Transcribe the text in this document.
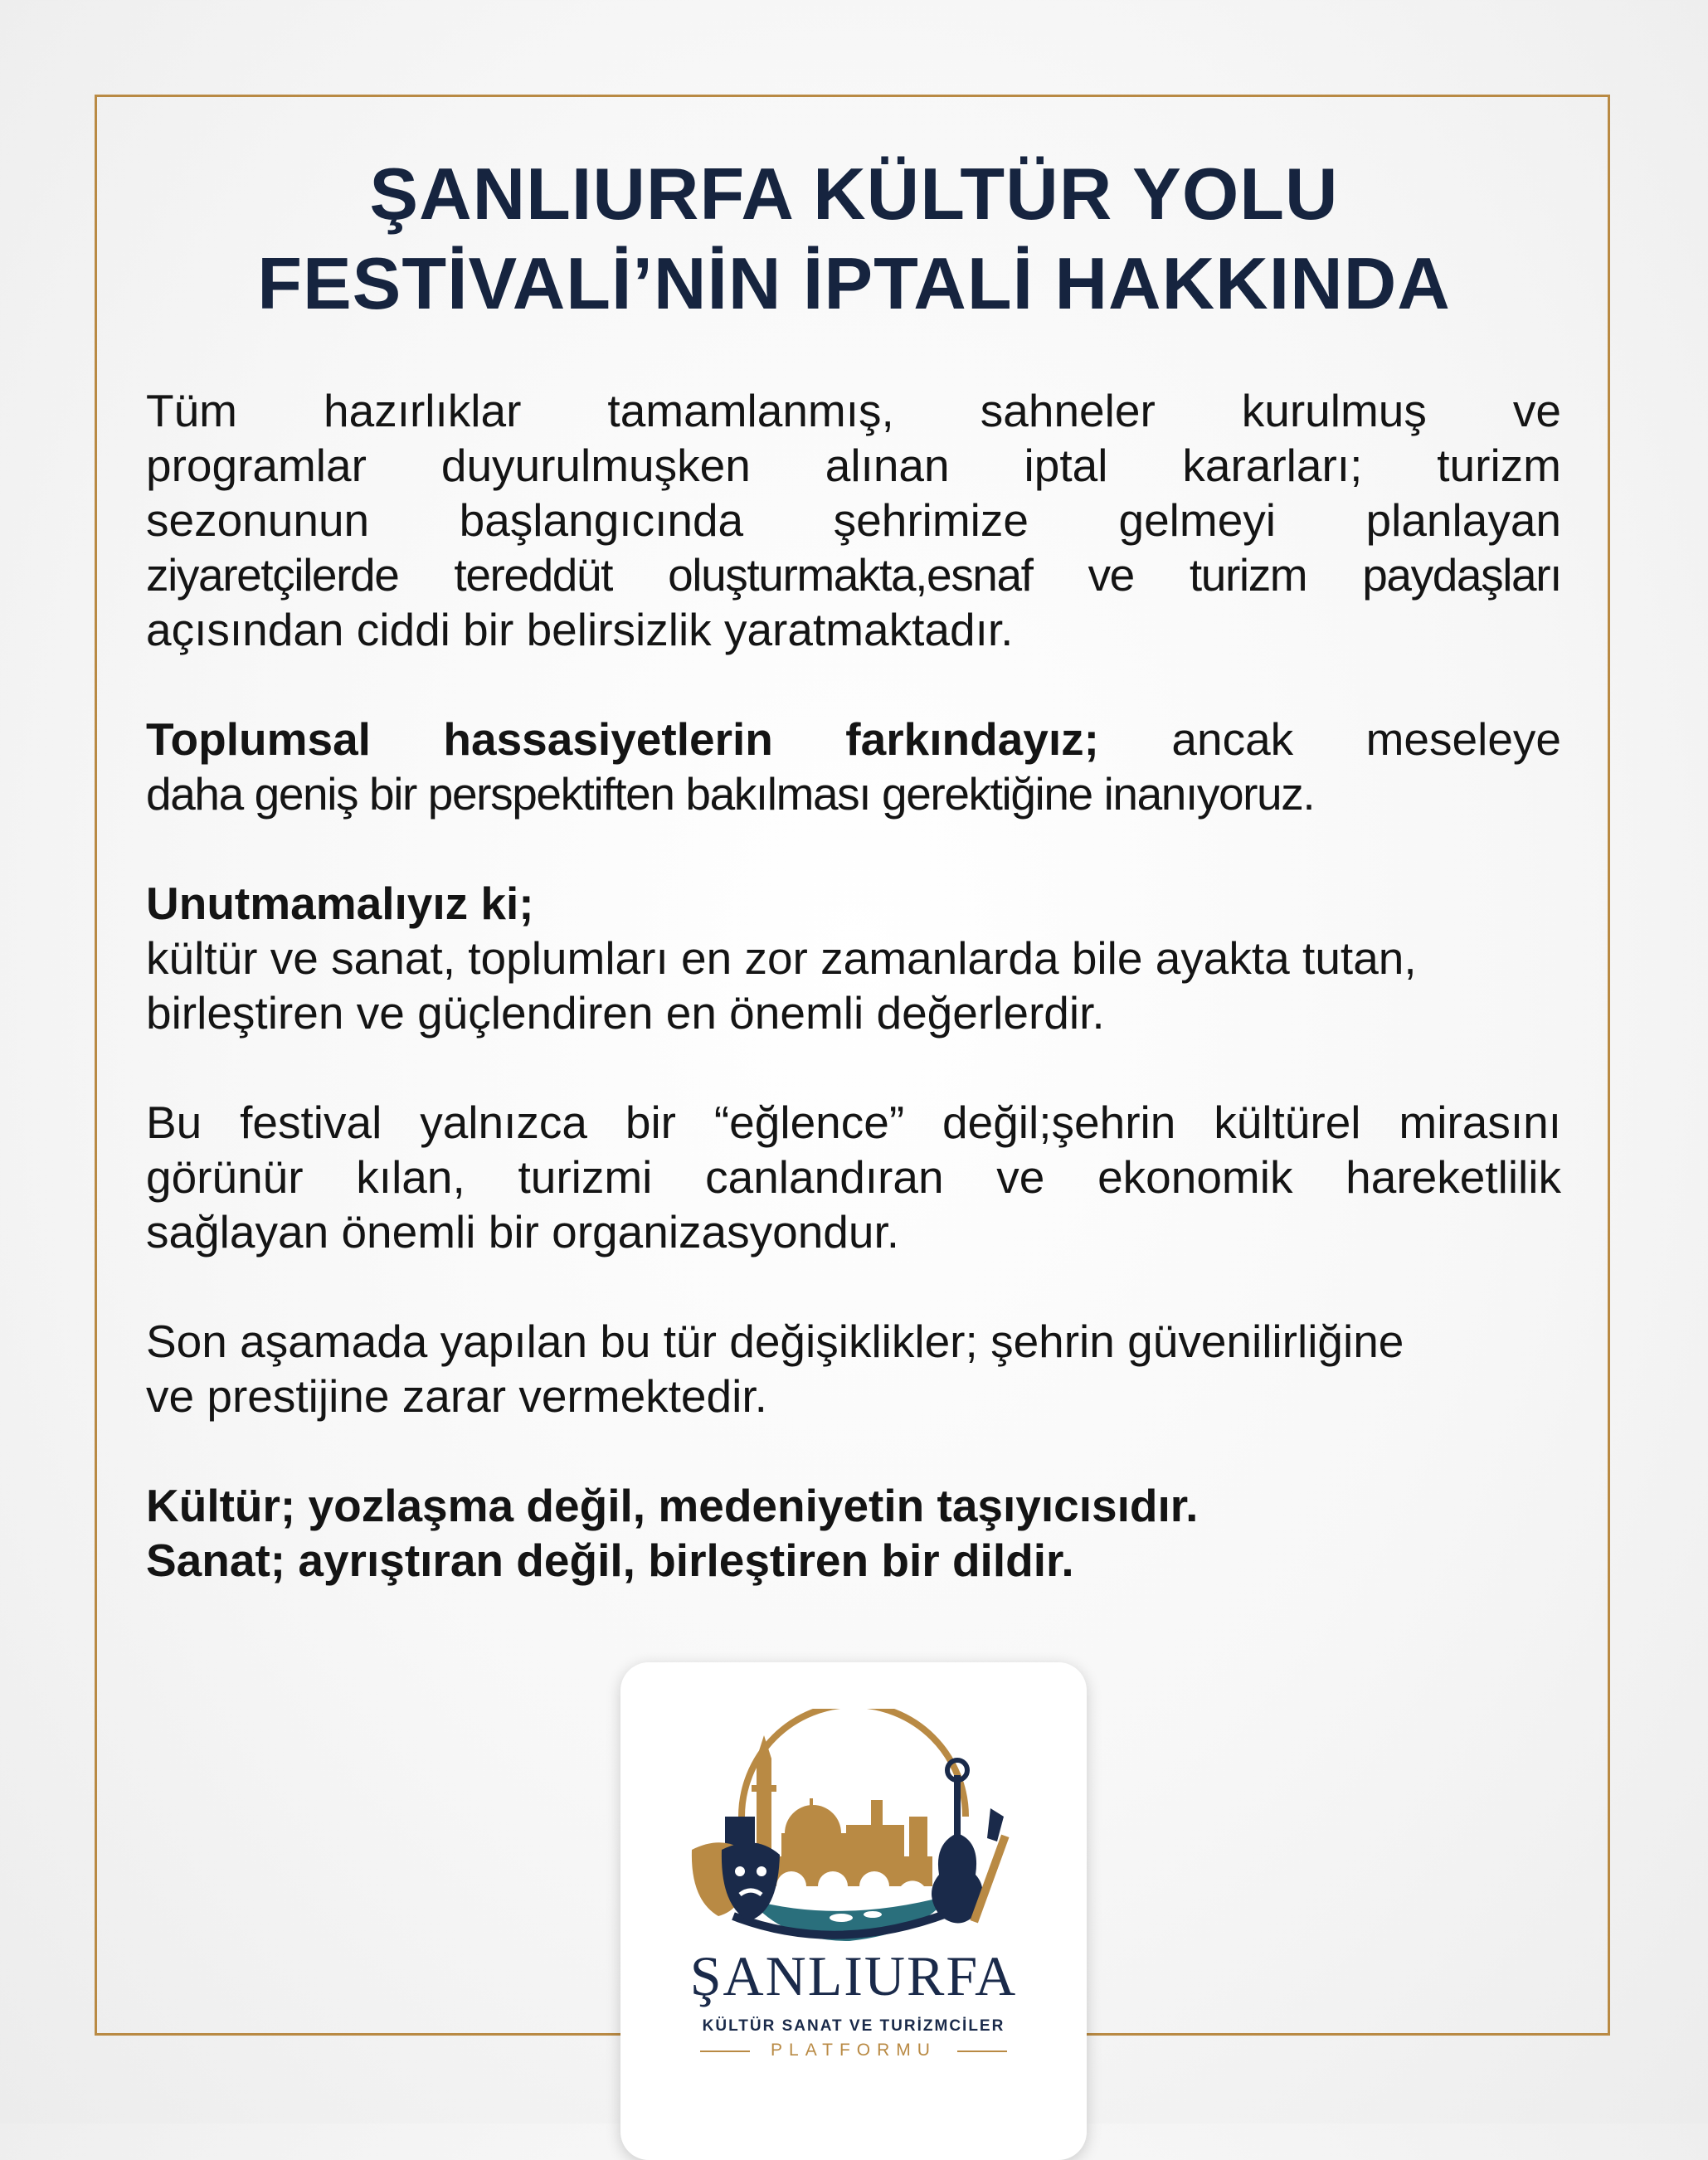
ŞANLIURFA KÜLTÜR YOLU
FESTİVALİ’NİN İPTALİ HAKKINDA

Tüm hazırlıklar tamamlanmış, sahneler kurulmuş ve
programlar duyurulmuşken alınan iptal kararları; turizm
sezonunun başlangıcında şehrimize gelmeyi planlayan
ziyaretçilerde tereddüt oluşturmakta,esnaf ve turizm paydaşları
açısından ciddi bir belirsizlik yaratmaktadır.

Toplumsal hassasiyetlerin farkındayız; ancak meseleye
daha geniş bir perspektiften bakılması gerektiğine inanıyoruz.

Unutmamalıyız ki;
kültür ve sanat, toplumları en zor zamanlarda bile ayakta tutan,
birleştiren ve güçlendiren en önemli değerlerdir.

Bu festival yalnızca bir “eğlence” değil;şehrin kültürel mirasını
görünür kılan, turizmi canlandıran ve ekonomik hareketlilik
sağlayan önemli bir organizasyondur.

Son aşamada yapılan bu tür değişiklikler; şehrin güvenilirliğine
ve prestijine zarar vermektedir.

Kültür; yozlaşma değil, medeniyetin taşıyıcısıdır.
Sanat; ayrıştıran değil, birleştiren bir dildir.

ŞANLIURFA
KÜLTÜR SANAT VE TURİZMCİLER
PLATFORMU
